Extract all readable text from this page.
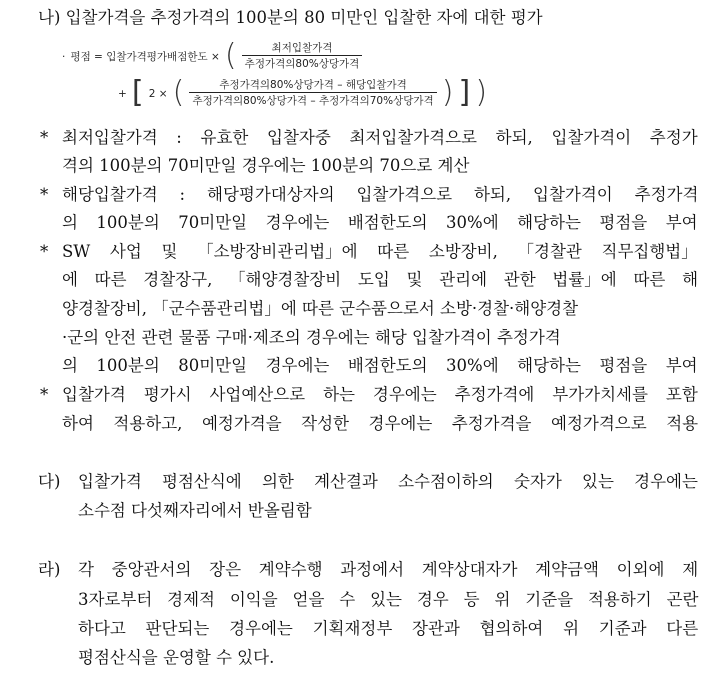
나) 입찰가격을 추정가격의 100분의 80 미만인 입찰한 자에 대한 평가
· 평점 = 입찰가격평가배점한도 × ( $\frac{\text{최저입찰가격}}{\text{추정가격의80\%상당가격}}$
+ [ 2 × ( $\frac{\text{추정가격의80\%상당가격 – 해당입찰가격}}{\text{추정가격의80\%상당가격 – 추정가격의70\%상당가격}}$ ) ] )
* 최저입찰가격 : 유효한 입찰자중 최저입찰가격으로 하되, 입찰가격이 추정가
격의 100분의 70미만일 경우에는 100분의 70으로 계산
* 해당입찰가격 : 해당평가대상자의 입찰가격으로 하되, 입찰가격이 추정가격
의 100분의 70미만일 경우에는 배점한도의 30%에 해당하는 평점을 부여
* SW 사업 및 「소방장비관리법」에 따른 소방장비, 「경찰관 직무집행법」
에 따른 경찰장구, 「해양경찰장비 도입 및 관리에 관한 법률」에 따른 해
양경찰장비, 「군수품관리법」에 따른 군수품으로서 소방·경찰·해양경찰
·군의 안전 관련 물품 구매·제조의 경우에는 해당 입찰가격이 추정가격
의 100분의 80미만일 경우에는 배점한도의 30%에 해당하는 평점을 부여
* 입찰가격 평가시 사업예산으로 하는 경우에는 추정가격에 부가가치세를 포함
하여 적용하고, 예정가격을 작성한 경우에는 추정가격을 예정가격으로 적용
다) 입찰가격 평점산식에 의한 계산결과 소수점이하의 숫자가 있는 경우에는
소수점 다섯째자리에서 반올림함
라) 각 중앙관서의 장은 계약수행 과정에서 계약상대자가 계약금액 이외에 제
3자로부터 경제적 이익을 얻을 수 있는 경우 등 위 기준을 적용하기 곤란
하다고 판단되는 경우에는 기획재정부 장관과 협의하여 위 기준과 다른
평점산식을 운영할 수 있다.
